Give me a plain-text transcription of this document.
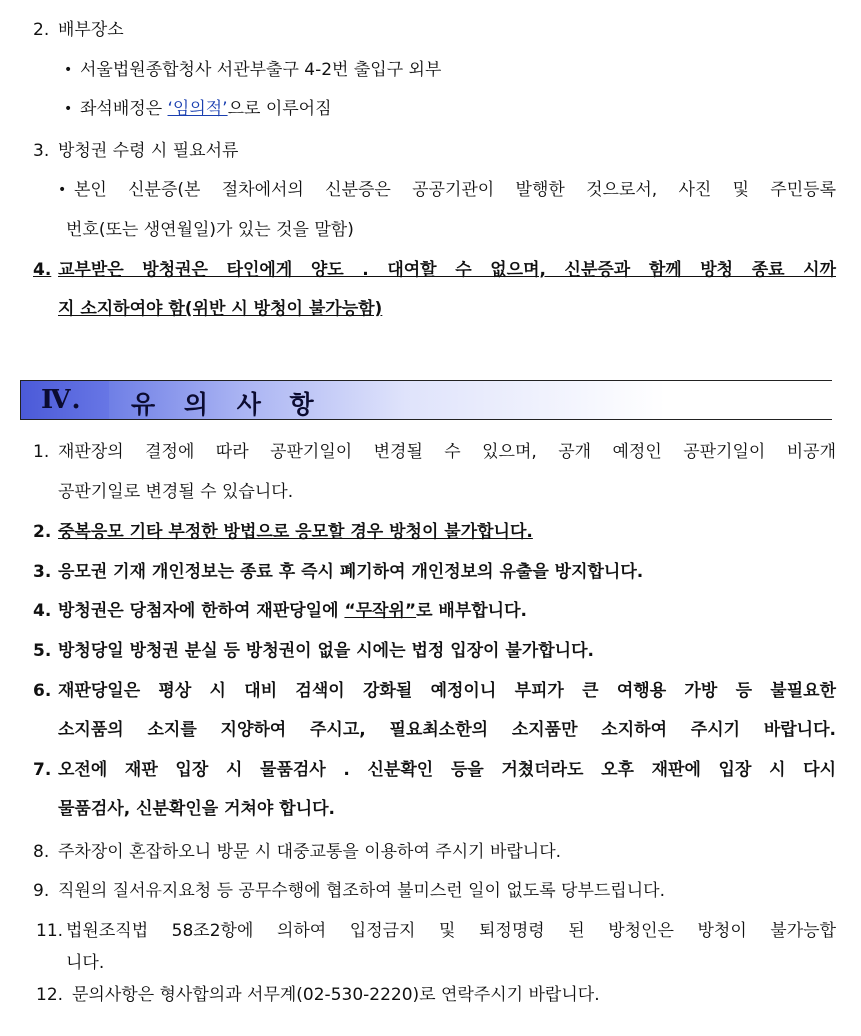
2. 배부장소
• 서울법원종합청사 서관부출구 4-2번 출입구 외부
• 좌석배정은 ‘임의적’으로 이루어짐
3. 방청권 수령 시 필요서류
• 본인 신분증(본 절차에서의 신분증은 공공기관이 발행한 것으로서, 사진 및 주민등록
번호(또는 생연월일)가 있는 것을 말함)
4. 교부받은 방청권은 타인에게 양도 . 대여할 수 없으며, 신분증과 함께 방청 종료 시까
지 소지하여야 함(위반 시 방청이 불가능함)
Ⅳ. 유 의 사 항
1. 재판장의 결정에 따라 공판기일이 변경될 수 있으며, 공개 예정인 공판기일이 비공개
공판기일로 변경될 수 있습니다.
2. 중복응모 기타 부정한 방법으로 응모할 경우 방청이 불가합니다.
3. 응모권 기재 개인정보는 종료 후 즉시 폐기하여 개인정보의 유출을 방지합니다.
4. 방청권은 당첨자에 한하여 재판당일에 “무작위”로 배부합니다.
5. 방청당일 방청권 분실 등 방청권이 없을 시에는 법정 입장이 불가합니다.
6. 재판당일은 평상 시 대비 검색이 강화될 예정이니 부피가 큰 여행용 가방 등 불필요한
소지품의 소지를 지양하여 주시고, 필요최소한의 소지품만 소지하여 주시기 바랍니다.
7. 오전에 재판 입장 시 물품검사 . 신분확인 등을 거쳤더라도 오후 재판에 입장 시 다시
물품검사, 신분확인을 거쳐야 합니다.
8. 주차장이 혼잡하오니 방문 시 대중교통을 이용하여 주시기 바랍니다.
9. 직원의 질서유지요청 등 공무수행에 협조하여 불미스런 일이 없도록 당부드립니다.
11. 법원조직법 58조2항에 의하여 입정금지 및 퇴정명령 된 방청인은 방청이 불가능합
니다.
12. 문의사항은 형사합의과 서무계(02-530-2220)로 연락주시기 바랍니다.
